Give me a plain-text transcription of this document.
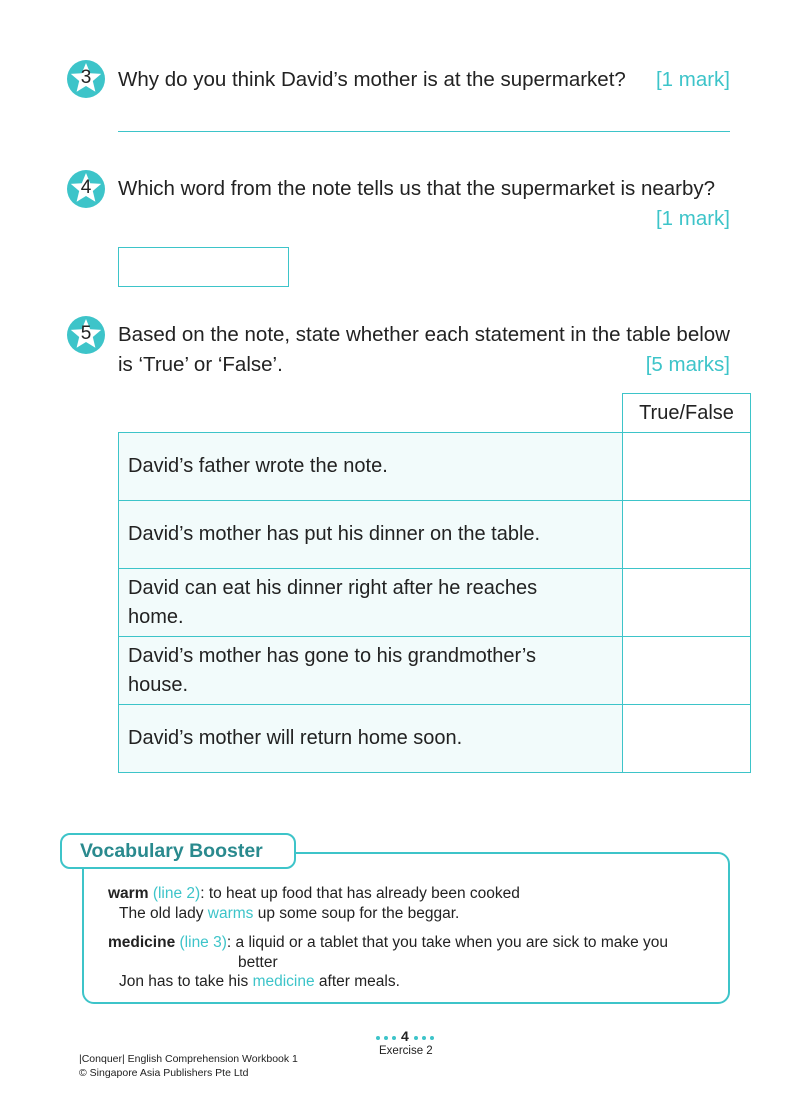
3	Why do you think David’s mother is at the supermarket? [1 mark]
4	Which word from the note tells us that the supermarket is nearby?
[1 mark]
5	Based on the note, state whether each statement in the table below
is ‘True’ or ‘False’.	[5 marks]
	True/False
David’s father wrote the note.	
David’s mother has put his dinner on the table.	
David can eat his dinner right after he reaches
home.	
David’s mother has gone to his grandmother’s
house.	
David’s mother will return home soon.	
Vocabulary Booster
warm (line 2): to heat up food that has already been cooked
The old lady warms up some soup for the beggar.
medicine (line 3): a liquid or a tablet that you take when you are sick to make you
better
Jon has to take his medicine after meals.
4
Exercise 2
|Conquer| English Comprehension Workbook 1
© Singapore Asia Publishers Pte Ltd
